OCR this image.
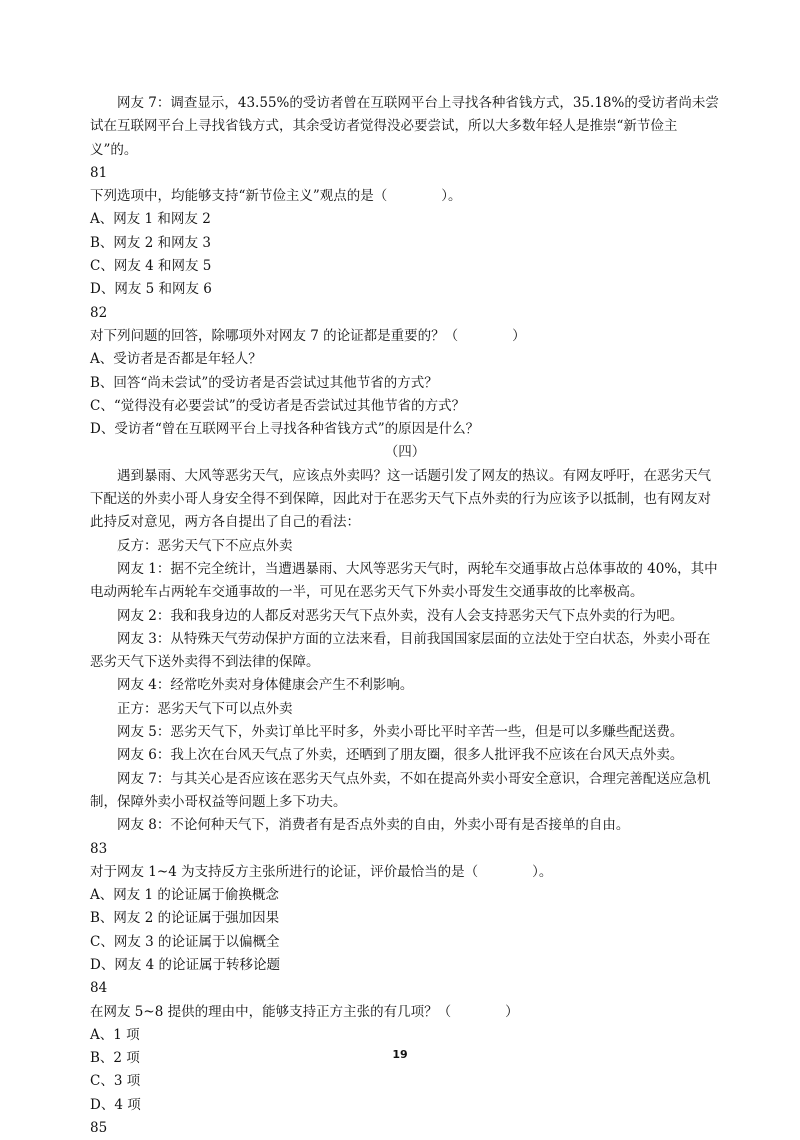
网友 7：调查显示，43.55%的受访者曾在互联网平台上寻找各种省钱方式，35.18%的受访者尚未尝试在互联网平台上寻找省钱方式，其余受访者觉得没必要尝试，所以大多数年轻人是推崇“新节俭主义”的。

81

下列选项中，均能够支持“新节俭主义”观点的是（　　　　）。

A、网友 1 和网友 2

B、网友 2 和网友 3

C、网友 4 和网友 5

D、网友 5 和网友 6

82

对下列问题的回答，除哪项外对网友 7 的论证都是重要的？（　　　　）

A、受访者是否都是年轻人？

B、回答“尚未尝试”的受访者是否尝试过其他节省的方式？

C、“觉得没有必要尝试”的受访者是否尝试过其他节省的方式？

D、受访者“曾在互联网平台上寻找各种省钱方式”的原因是什么？

（四）

遇到暴雨、大风等恶劣天气，应该点外卖吗？这一话题引发了网友的热议。有网友呼吁，在恶劣天气下配送的外卖小哥人身安全得不到保障，因此对于在恶劣天气下点外卖的行为应该予以抵制，也有网友对此持反对意见，两方各自提出了自己的看法：

反方：恶劣天气下不应点外卖

网友 1：据不完全统计，当遭遇暴雨、大风等恶劣天气时，两轮车交通事故占总体事故的 40%，其中电动两轮车占两轮车交通事故的一半，可见在恶劣天气下外卖小哥发生交通事故的比率极高。

网友 2：我和我身边的人都反对恶劣天气下点外卖，没有人会支持恶劣天气下点外卖的行为吧。

网友 3：从特殊天气劳动保护方面的立法来看，目前我国国家层面的立法处于空白状态，外卖小哥在恶劣天气下送外卖得不到法律的保障。

网友 4：经常吃外卖对身体健康会产生不利影响。

正方：恶劣天气下可以点外卖

网友 5：恶劣天气下，外卖订单比平时多，外卖小哥比平时辛苦一些，但是可以多赚些配送费。

网友 6：我上次在台风天气点了外卖，还晒到了朋友圈，很多人批评我不应该在台风天点外卖。

网友 7：与其关心是否应该在恶劣天气点外卖，不如在提高外卖小哥安全意识，合理完善配送应急机制，保障外卖小哥权益等问题上多下功夫。

网友 8：不论何种天气下，消费者有是否点外卖的自由，外卖小哥有是否接单的自由。

83

对于网友 1~4 为支持反方主张所进行的论证，评价最恰当的是（　　　　）。

A、网友 1 的论证属于偷换概念

B、网友 2 的论证属于强加因果

C、网友 3 的论证属于以偏概全

D、网友 4 的论证属于转移论题

84

在网友 5~8 提供的理由中，能够支持正方主张的有几项？（　　　　）

A、1 项

B、2 项

C、3 项

D、4 项

85

19
